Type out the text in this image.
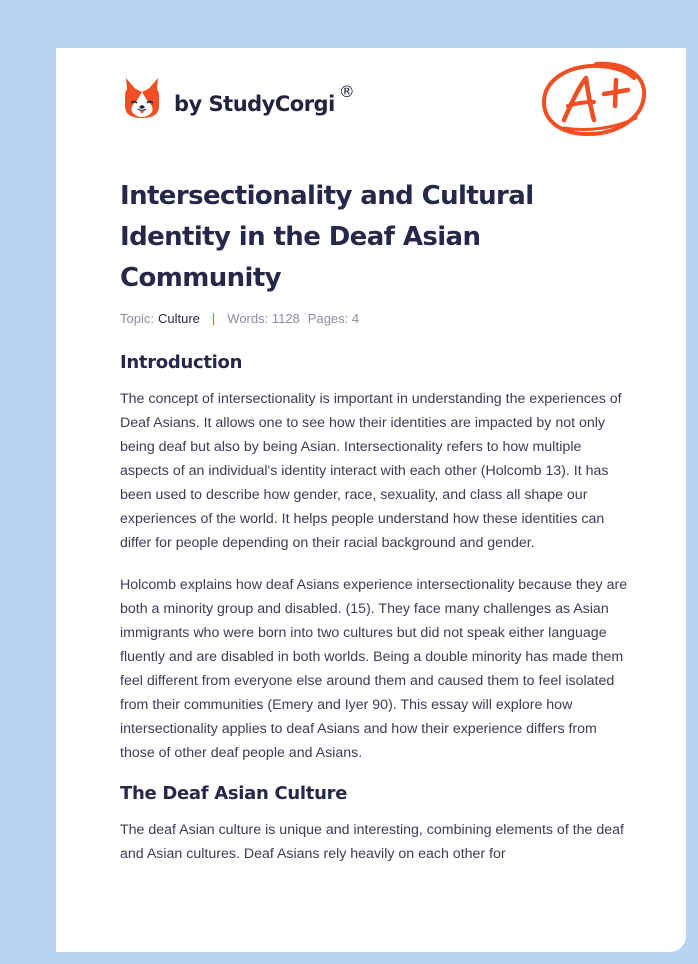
by StudyCorgi
®
Intersectionality and Cultural Identity in the Deaf Asian Community
Topic: Culture | Words: 1128 Pages: 4
Introduction

The concept of intersectionality is important in understanding the experiences of Deaf Asians. It allows one to see how their identities are impacted by not only being deaf but also by being Asian. Intersectionality refers to how multiple aspects of an individual's identity interact with each other (Holcomb 13). It has been used to describe how gender, race, sexuality, and class all shape our experiences of the world. It helps people understand how these identities can differ for people depending on their racial background and gender.

Holcomb explains how deaf Asians experience intersectionality because they are both a minority group and disabled. (15). They face many challenges as Asian immigrants who were born into two cultures but did not speak either language fluently and are disabled in both worlds. Being a double minority has made them feel different from everyone else around them and caused them to feel isolated from their communities (Emery and Iyer 90). This essay will explore how intersectionality applies to deaf Asians and how their experience differs from those of other deaf people and Asians.

The Deaf Asian Culture

The deaf Asian culture is unique and interesting, combining elements of the deaf and Asian cultures. Deaf Asians rely heavily on each other for
